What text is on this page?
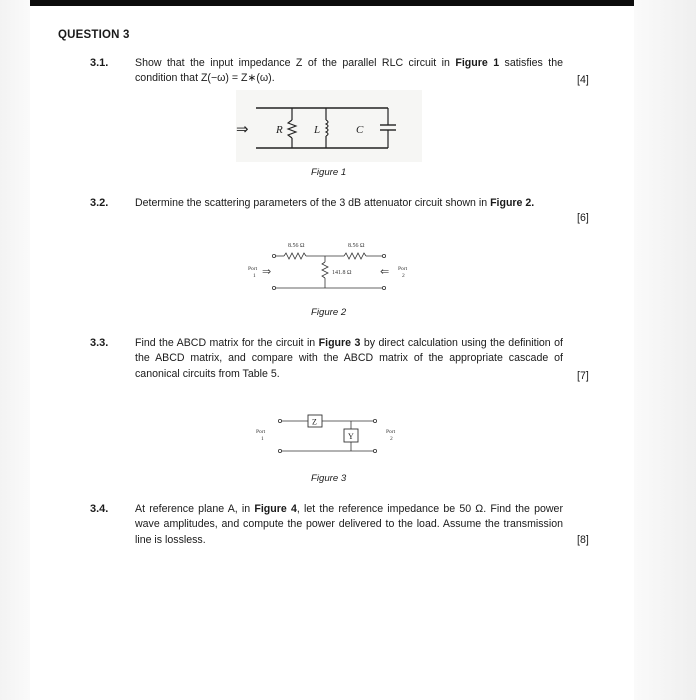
QUESTION 3
3.1.	Show that the input impedance Z of the parallel RLC circuit in Figure 1 satisfies the condition that Z(−ω) = Z∗(ω).	[4]
⇒ R	L	C
Figure 1
3.2.	Determine the scattering parameters of the 3 dB attenuator circuit shown in Figure 2.
[6]
8.56 Ω	8.56 Ω
141.8 Ω
Port
1 ⇒	⇐ Port
2
Figure 2
3.3.	Find the ABCD matrix for the circuit in Figure 3 by direct calculation using the definition of the ABCD matrix, and compare with the ABCD matrix of the appropriate cascade of canonical circuits from Table 5.	[7]
Z
Y
Port
1
Port
2
Figure 3
3.4.	At reference plane A, in Figure 4, let the reference impedance be 50 Ω. Find the power wave amplitudes, and compute the power delivered to the load. Assume the transmission line is lossless.	[8]
